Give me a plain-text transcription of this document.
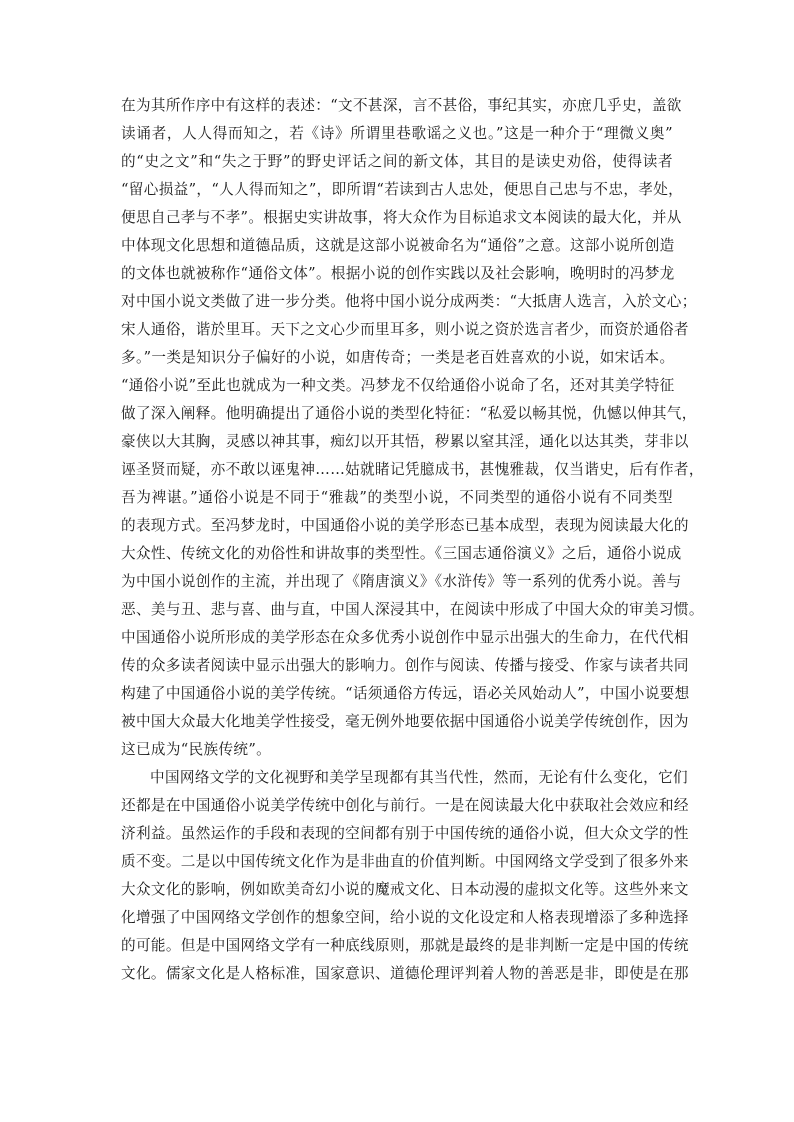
在为其所作序中有这样的表述：“文不甚深，言不甚俗，事纪其实，亦庶几乎史，盖欲
读诵者，人人得而知之，若《诗》所谓里巷歌谣之义也。”这是一种介于“理微义奥”
的“史之文”和“失之于野”的野史评话之间的新文体，其目的是读史劝俗，使得读者
“留心损益”，“人人得而知之”，即所谓“若读到古人忠处，便思自己忠与不忠，孝处，
便思自己孝与不孝”。根据史实讲故事，将大众作为目标追求文本阅读的最大化，并从
中体现文化思想和道德品质，这就是这部小说被命名为“通俗”之意。这部小说所创造
的文体也就被称作“通俗文体”。根据小说的创作实践以及社会影响，晚明时的冯梦龙
对中国小说文类做了进一步分类。他将中国小说分成两类：“大抵唐人选言，入於文心；
宋人通俗，谐於里耳。天下之文心少而里耳多，则小说之资於选言者少，而资於通俗者
多。”一类是知识分子偏好的小说，如唐传奇；一类是老百姓喜欢的小说，如宋话本。
“通俗小说”至此也就成为一种文类。冯梦龙不仅给通俗小说命了名，还对其美学特征
做了深入阐释。他明确提出了通俗小说的类型化特征：“私爱以畅其悦，仇憾以伸其气，
豪侠以大其胸，灵感以神其事，痴幻以开其悟，秽累以窒其淫，通化以达其类，芽非以
诬圣贤而疑，亦不敢以诬鬼神……姑就睹记凭臆成书，甚愧雅裁，仅当谐史，后有作者，
吾为裨谌。”通俗小说是不同于“雅裁”的类型小说，不同类型的通俗小说有不同类型
的表现方式。至冯梦龙时，中国通俗小说的美学形态已基本成型，表现为阅读最大化的
大众性、传统文化的劝俗性和讲故事的类型性。《三国志通俗演义》之后，通俗小说成
为中国小说创作的主流，并出现了《隋唐演义》《水浒传》等一系列的优秀小说。善与
恶、美与丑、悲与喜、曲与直，中国人深浸其中，在阅读中形成了中国大众的审美习惯。
中国通俗小说所形成的美学形态在众多优秀小说创作中显示出强大的生命力，在代代相
传的众多读者阅读中显示出强大的影响力。创作与阅读、传播与接受、作家与读者共同
构建了中国通俗小说的美学传统。“话须通俗方传远，语必关风始动人”，中国小说要想
被中国大众最大化地美学性接受，毫无例外地要依据中国通俗小说美学传统创作，因为
这已成为“民族传统”。
中国网络文学的文化视野和美学呈现都有其当代性，然而，无论有什么变化，它们
还都是在中国通俗小说美学传统中创化与前行。一是在阅读最大化中获取社会效应和经
济利益。虽然运作的手段和表现的空间都有别于中国传统的通俗小说，但大众文学的性
质不变。二是以中国传统文化作为是非曲直的价值判断。中国网络文学受到了很多外来
大众文化的影响，例如欧美奇幻小说的魔戒文化、日本动漫的虚拟文化等。这些外来文
化增强了中国网络文学创作的想象空间，给小说的文化设定和人格表现增添了多种选择
的可能。但是中国网络文学有一种底线原则，那就是最终的是非判断一定是中国的传统
文化。儒家文化是人格标准，国家意识、道德伦理评判着人物的善恶是非，即使是在那
